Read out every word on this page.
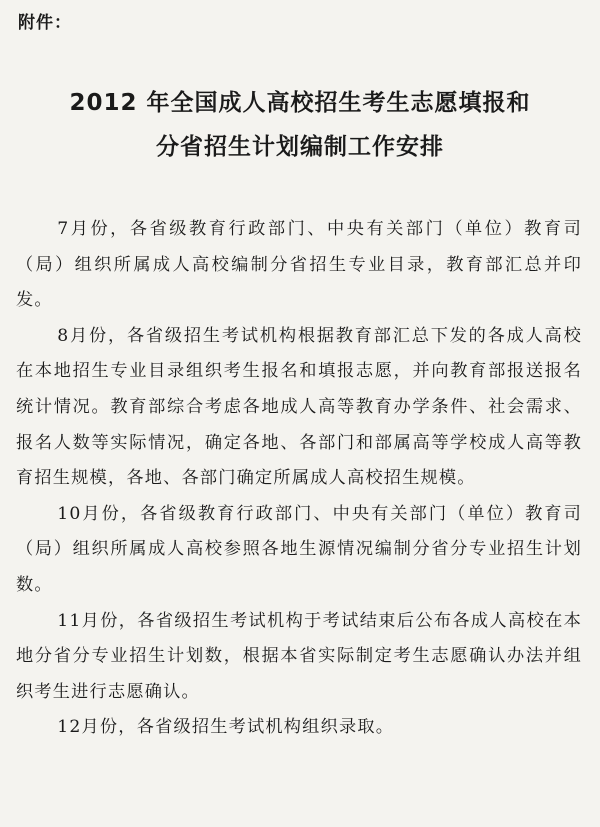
附件：
2012 年全国成人高校招生考生志愿填报和
分省招生计划编制工作安排

7月份，各省级教育行政部门、中央有关部门（单位）教育司（局）组织所属成人高校编制分省招生专业目录，教育部汇总并印发。

8月份，各省级招生考试机构根据教育部汇总下发的各成人高校在本地招生专业目录组织考生报名和填报志愿，并向教育部报送报名统计情况。教育部综合考虑各地成人高等教育办学条件、社会需求、报名人数等实际情况，确定各地、各部门和部属高等学校成人高等教育招生规模，各地、各部门确定所属成人高校招生规模。

10月份，各省级教育行政部门、中央有关部门（单位）教育司（局）组织所属成人高校参照各地生源情况编制分省分专业招生计划数。

11月份，各省级招生考试机构于考试结束后公布各成人高校在本地分省分专业招生计划数，根据本省实际制定考生志愿确认办法并组织考生进行志愿确认。

12月份，各省级招生考试机构组织录取。
